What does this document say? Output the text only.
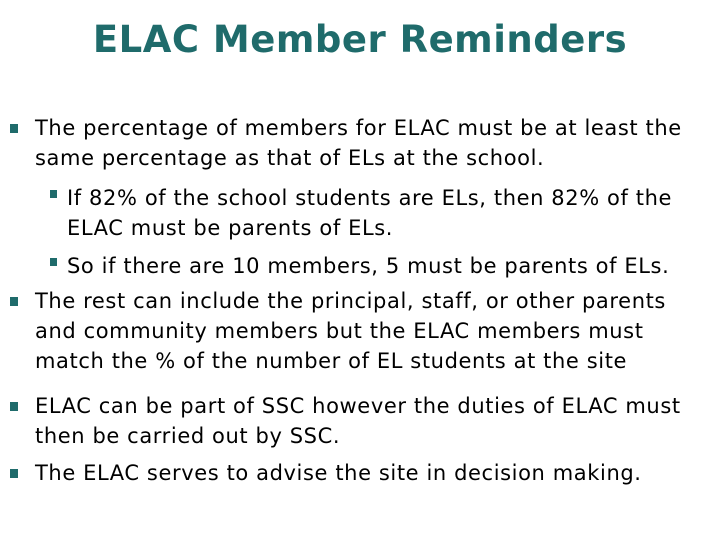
ELAC Member Reminders
The percentage of members for ELAC must be at least the same percentage as that of ELs at the school.
If 82% of the school students are ELs, then 82% of the ELAC must be parents of ELs.
So if there are 10 members, 5 must be parents of ELs.
The rest can include the principal, staff, or other parents and community members but the ELAC members must match the % of the number of EL students at the site
ELAC can be part of SSC however the duties of ELAC must then be carried out by SSC.
The ELAC serves to advise the site in decision making.
